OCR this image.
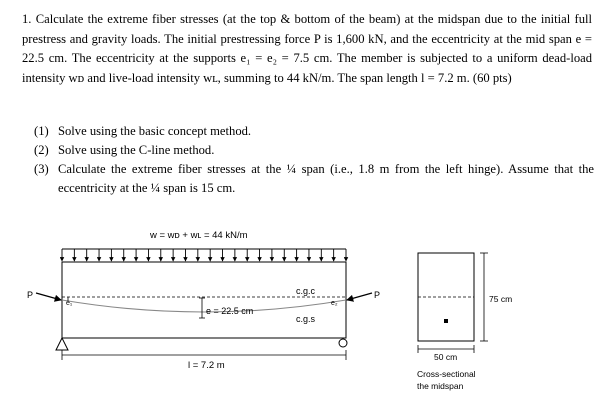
1. Calculate the extreme fiber stresses (at the top & bottom of the beam) at the midspan due to the initial full prestress and gravity loads. The initial prestressing force P is 1,600 kN, and the eccentricity at the mid span e = 22.5 cm. The eccentricity at the supports e₁ = e₂ = 7.5 cm. The member is subjected to a uniform dead-load intensity wᴅ and live-load intensity wʟ, summing to 44 kN/m. The span length l = 7.2 m. (60 pts)

(1) Solve using the basic concept method.
(2) Solve using the C-line method.
(3) Calculate the extreme fiber stresses at the ¼ span (i.e., 1.8 m from the left hinge). Assume that the eccentricity at the ¼ span is 15 cm.
w = wᴅ + wʟ = 44 kN/m
e₁	e₂
e = 22.5 cm
c.g.c
c.g.s
P	P
l = 7.2 m
75 cm
50 cm
Cross-sectional
the midspan
